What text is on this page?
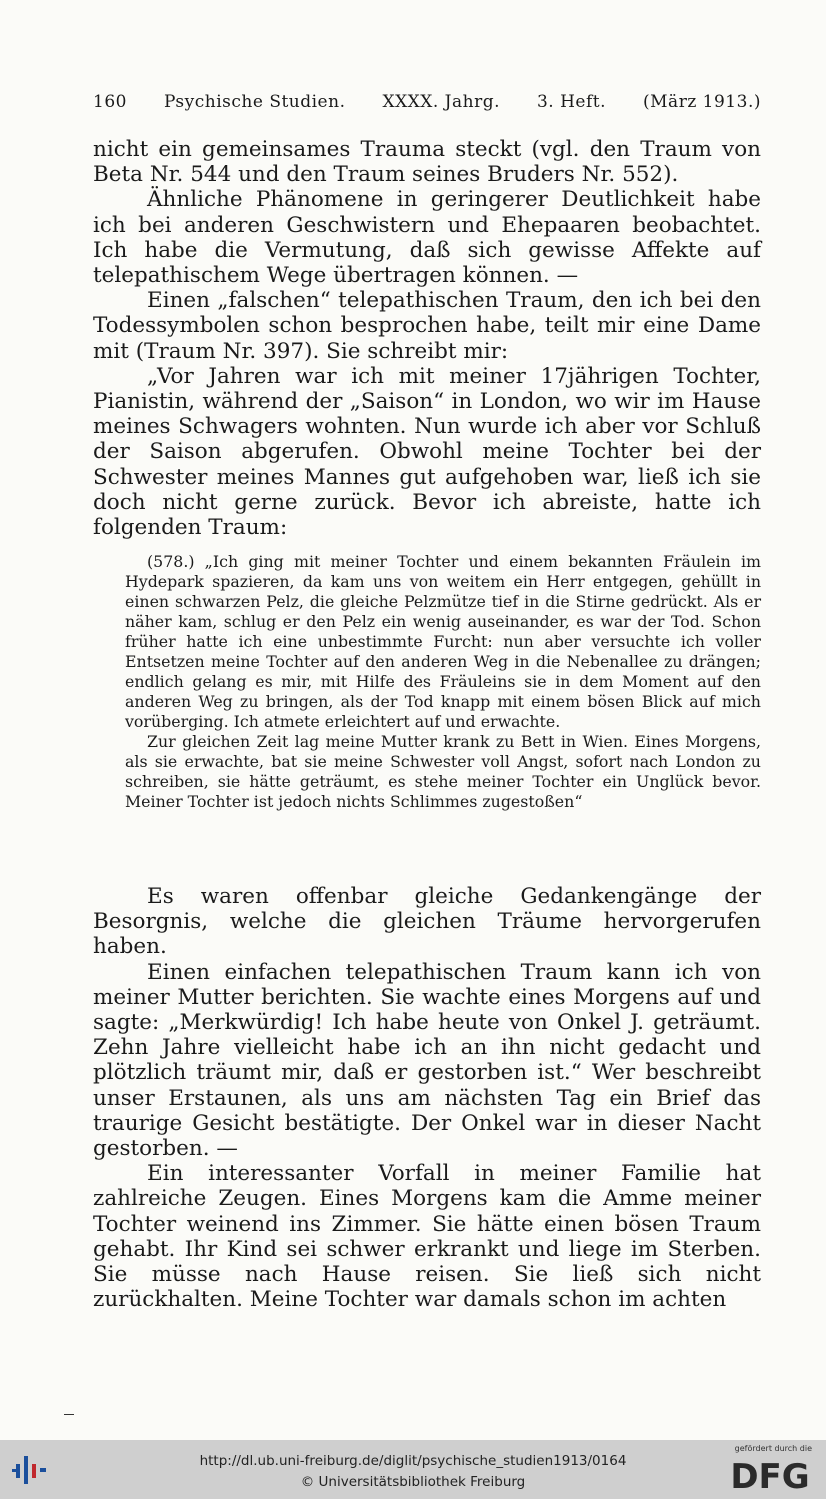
160 Psychische Studien. XXXX. Jahrg. 3. Heft. (März 1913.)

nicht ein gemeinsames Trauma steckt (vgl. den Traum von Beta Nr. 544 und den Traum seines Bruders Nr. 552).

Ähnliche Phänomene in geringerer Deutlichkeit habe ich bei anderen Geschwistern und Ehepaaren beobachtet. Ich habe die Vermutung, daß sich gewisse Affekte auf telepathischem Wege übertragen können. —

Einen „falschen“ telepathischen Traum, den ich bei den Todessymbolen schon besprochen habe, teilt mir eine Dame mit (Traum Nr. 397). Sie schreibt mir:

„Vor Jahren war ich mit meiner 17jährigen Tochter, Pianistin, während der „Saison“ in London, wo wir im Hause meines Schwagers wohnten. Nun wurde ich aber vor Schluß der Saison abgerufen. Obwohl meine Tochter bei der Schwester meines Mannes gut aufgehoben war, ließ ich sie doch nicht gerne zurück. Bevor ich abreiste, hatte ich folgenden Traum:

(578.) „Ich ging mit meiner Tochter und einem bekannten Fräulein im Hydepark spazieren, da kam uns von weitem ein Herr entgegen, gehüllt in einen schwarzen Pelz, die gleiche Pelzmütze tief in die Stirne gedrückt. Als er näher kam, schlug er den Pelz ein wenig auseinander, es war der Tod. Schon früher hatte ich eine unbestimmte Furcht: nun aber versuchte ich voller Entsetzen meine Tochter auf den anderen Weg in die Nebenallee zu drängen; endlich gelang es mir, mit Hilfe des Fräuleins sie in dem Moment auf den anderen Weg zu bringen, als der Tod knapp mit einem bösen Blick auf mich vorüberging. Ich atmete erleichtert auf und erwachte.

Zur gleichen Zeit lag meine Mutter krank zu Bett in Wien. Eines Morgens, als sie erwachte, bat sie meine Schwester voll Angst, sofort nach London zu schreiben, sie hätte geträumt, es stehe meiner Tochter ein Unglück bevor. Meiner Tochter ist jedoch nichts Schlimmes zugestoßen“

Es waren offenbar gleiche Gedankengänge der Besorgnis, welche die gleichen Träume hervorgerufen haben.

Einen einfachen telepathischen Traum kann ich von meiner Mutter berichten. Sie wachte eines Morgens auf und sagte: „Merkwürdig! Ich habe heute von Onkel J. geträumt. Zehn Jahre vielleicht habe ich an ihn nicht gedacht und plötzlich träumt mir, daß er gestorben ist.“ Wer beschreibt unser Erstaunen, als uns am nächsten Tag ein Brief das traurige Gesicht bestätigte. Der Onkel war in dieser Nacht gestorben. —

Ein interessanter Vorfall in meiner Familie hat zahlreiche Zeugen. Eines Morgens kam die Amme meiner Tochter weinend ins Zimmer. Sie hätte einen bösen Traum gehabt. Ihr Kind sei schwer erkrankt und liege im Sterben. Sie müsse nach Hause reisen. Sie ließ sich nicht zurückhalten. Meine Tochter war damals schon im achten

http://dl.ub.uni-freiburg.de/diglit/psychische_studien1913/0164
© Universitätsbibliothek Freiburg
gefördert durch die
DFG
